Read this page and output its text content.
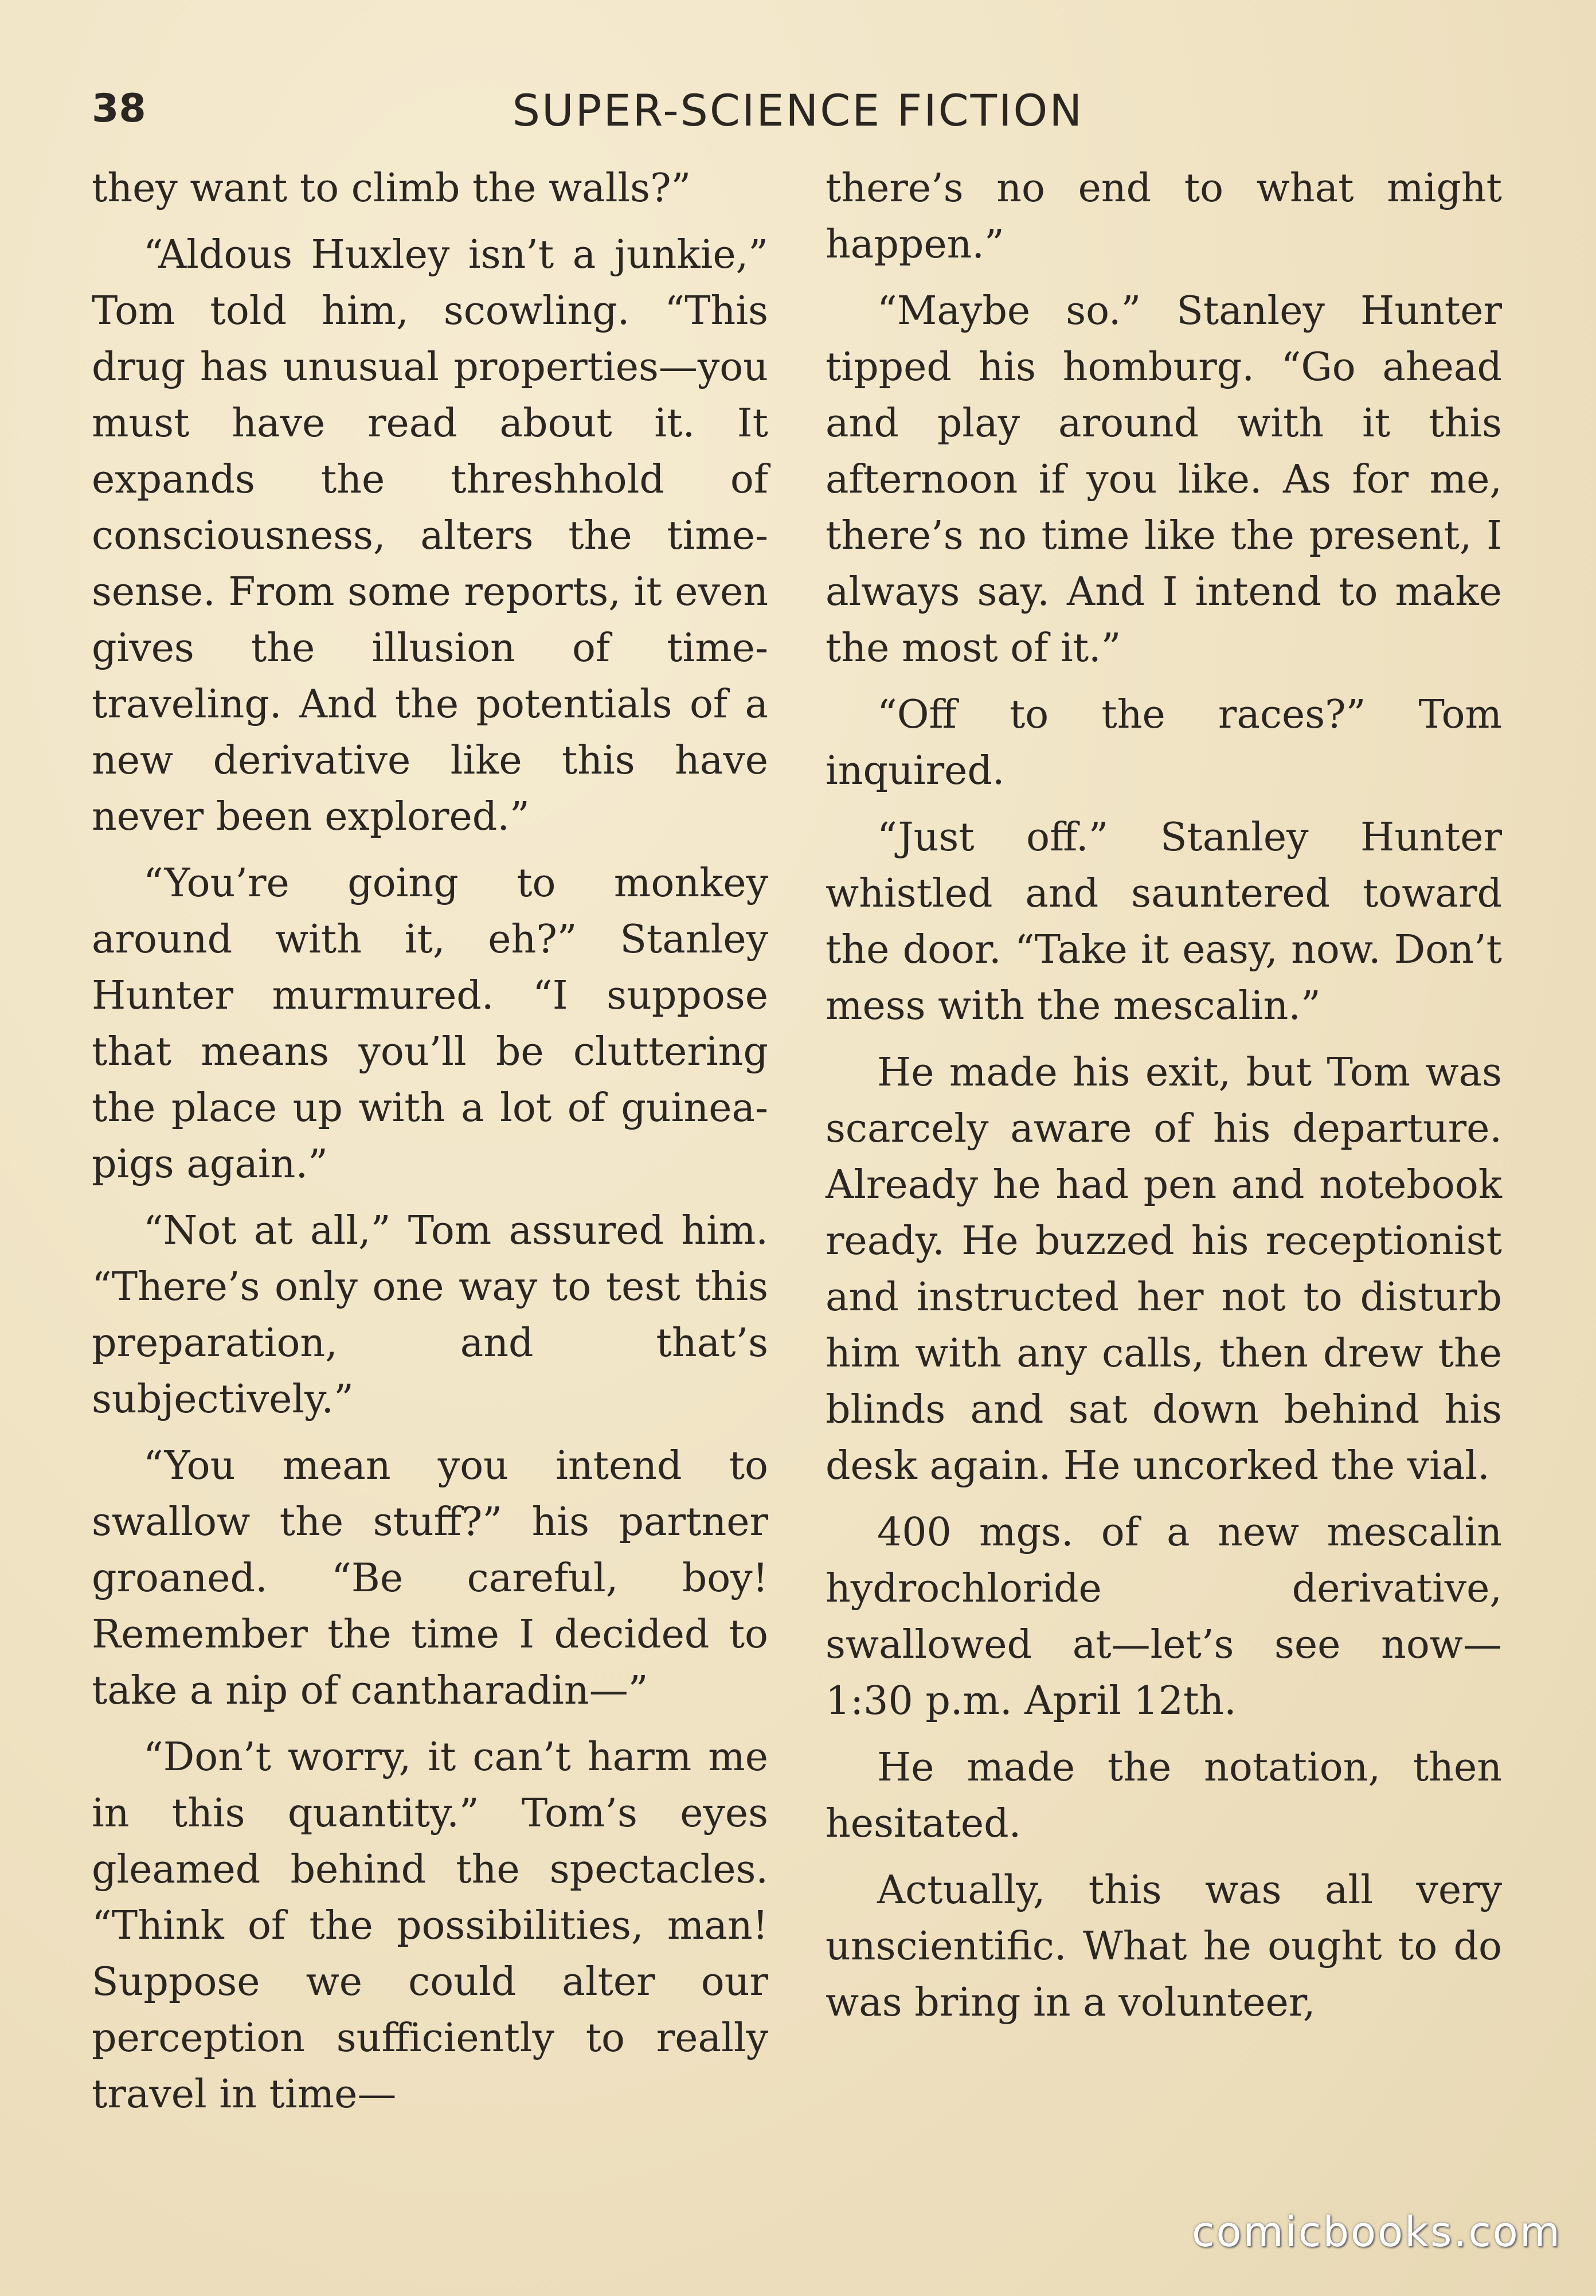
38	SUPER-SCIENCE FICTION

they want to climb the walls?”

“Aldous Huxley isn’t a junkie,” Tom told him, scowling. “This drug has unusual properties—you must have read about it. It expands the threshhold of consciousness, alters the time-sense. From some reports, it even gives the illusion of time-traveling. And the potentials of a new derivative like this have never been explored.”

“You’re going to monkey around with it, eh?” Stanley Hunter murmured. “I suppose that means you’ll be cluttering the place up with a lot of guinea-pigs again.”

“Not at all,” Tom assured him. “There’s only one way to test this preparation, and that’s subjectively.”

“You mean you intend to swallow the stuff?” his partner groaned. “Be careful, boy! Remember the time I decided to take a nip of cantharadin—”

“Don’t worry, it can’t harm me in this quantity.” Tom’s eyes gleamed behind the spectacles. “Think of the possibilities, man! Suppose we could alter our perception sufficiently to really travel in time—

there’s no end to what might happen.”

“Maybe so.” Stanley Hunter tipped his homburg. “Go ahead and play around with it this afternoon if you like. As for me, there’s no time like the present, I always say. And I intend to make the most of it.”

“Off to the races?” Tom inquired.

“Just off.” Stanley Hunter whistled and sauntered toward the door. “Take it easy, now. Don’t mess with the mescalin.”

He made his exit, but Tom was scarcely aware of his departure. Already he had pen and notebook ready. He buzzed his receptionist and instructed her not to disturb him with any calls, then drew the blinds and sat down behind his desk again. He uncorked the vial.

400 mgs. of a new mescalin hydrochloride derivative, swallowed at—let’s see now—1:30 p.m. April 12th.

He made the notation, then hesitated.

Actually, this was all very unscientific. What he ought to do was bring in a volunteer,

comicbooks.com
